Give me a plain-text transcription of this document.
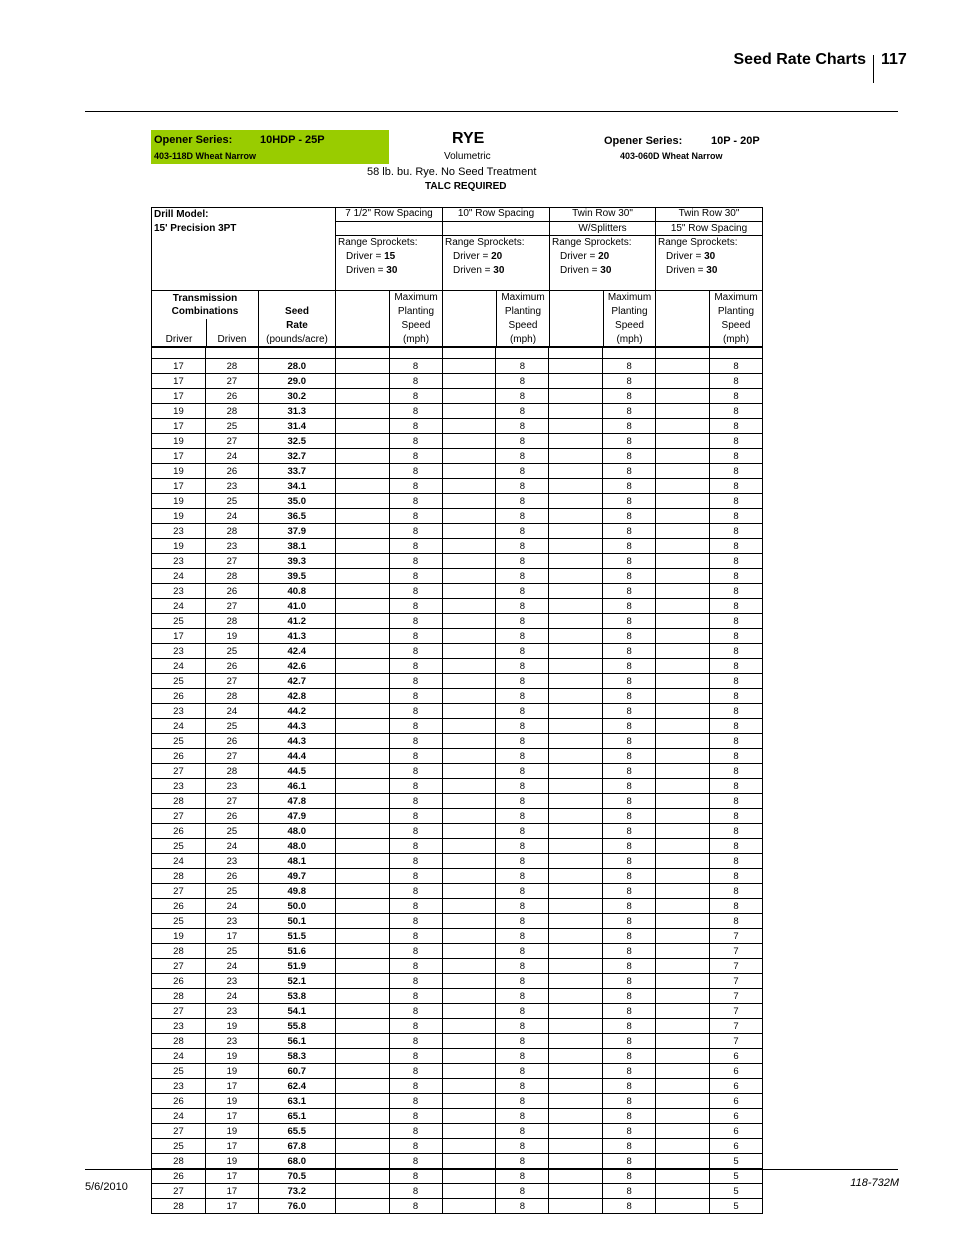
Seed Rate Charts 117
Opener Series:	10HDP - 25P
403-118D Wheat Narrow
RYE
Volumetric
Opener Series:	10P - 20P
403-060D Wheat Narrow
58 lb. bu. Rye. No Seed Treatment
TALC REQUIRED
Drill Model:
15' Precision 3PT
7 1/2" Row Spacing
Range Sprockets:
Driver = 15
Driven = 30
10" Row Spacing
Range Sprockets:
Driver = 20
Driven = 30
Twin Row 30"
W/Splitters
Range Sprockets:
Driver = 20
Driven = 30
Twin Row 30"
15" Row Spacing
Range Sprockets:
Driver = 30
Driven = 30
Transmission
Combinations
Driver	Driven
Seed
Rate
(pounds/acre)
Maximum
Planting
Speed
(mph)
Maximum
Planting
Speed
(mph)
Maximum
Planting
Speed
(mph)
Maximum
Planting
Speed
(mph)

17	28	28.0		8		8		8		8
17	27	29.0		8		8		8		8
17	26	30.2		8		8		8		8
19	28	31.3		8		8		8		8
17	25	31.4		8		8		8		8
19	27	32.5		8		8		8		8
17	24	32.7		8		8		8		8
19	26	33.7		8		8		8		8
17	23	34.1		8		8		8		8
19	25	35.0		8		8		8		8
19	24	36.5		8		8		8		8
23	28	37.9		8		8		8		8
19	23	38.1		8		8		8		8
23	27	39.3		8		8		8		8
24	28	39.5		8		8		8		8
23	26	40.8		8		8		8		8
24	27	41.0		8		8		8		8
25	28	41.2		8		8		8		8
17	19	41.3		8		8		8		8
23	25	42.4		8		8		8		8
24	26	42.6		8		8		8		8
25	27	42.7		8		8		8		8
26	28	42.8		8		8		8		8
23	24	44.2		8		8		8		8
24	25	44.3		8		8		8		8
25	26	44.3		8		8		8		8
26	27	44.4		8		8		8		8
27	28	44.5		8		8		8		8
23	23	46.1		8		8		8		8
28	27	47.8		8		8		8		8
27	26	47.9		8		8		8		8
26	25	48.0		8		8		8		8
25	24	48.0		8		8		8		8
24	23	48.1		8		8		8		8
28	26	49.7		8		8		8		8
27	25	49.8		8		8		8		8
26	24	50.0		8		8		8		8
25	23	50.1		8		8		8		8
19	17	51.5		8		8		8		7
28	25	51.6		8		8		8		7
27	24	51.9		8		8		8		7
26	23	52.1		8		8		8		7
28	24	53.8		8		8		8		7
27	23	54.1		8		8		8		7
23	19	55.8		8		8		8		7
28	23	56.1		8		8		8		7
24	19	58.3		8		8		8		6
25	19	60.7		8		8		8		6
23	17	62.4		8		8		8		6
26	19	63.1		8		8		8		6
24	17	65.1		8		8		8		6
27	19	65.5		8		8		8		6
25	17	67.8		8		8		8		6
28	19	68.0		8		8		8		5
26	17	70.5		8		8		8		5
27	17	73.2		8		8		8		5
28	17	76.0		8		8		8		5
5/6/2010	118-732M
